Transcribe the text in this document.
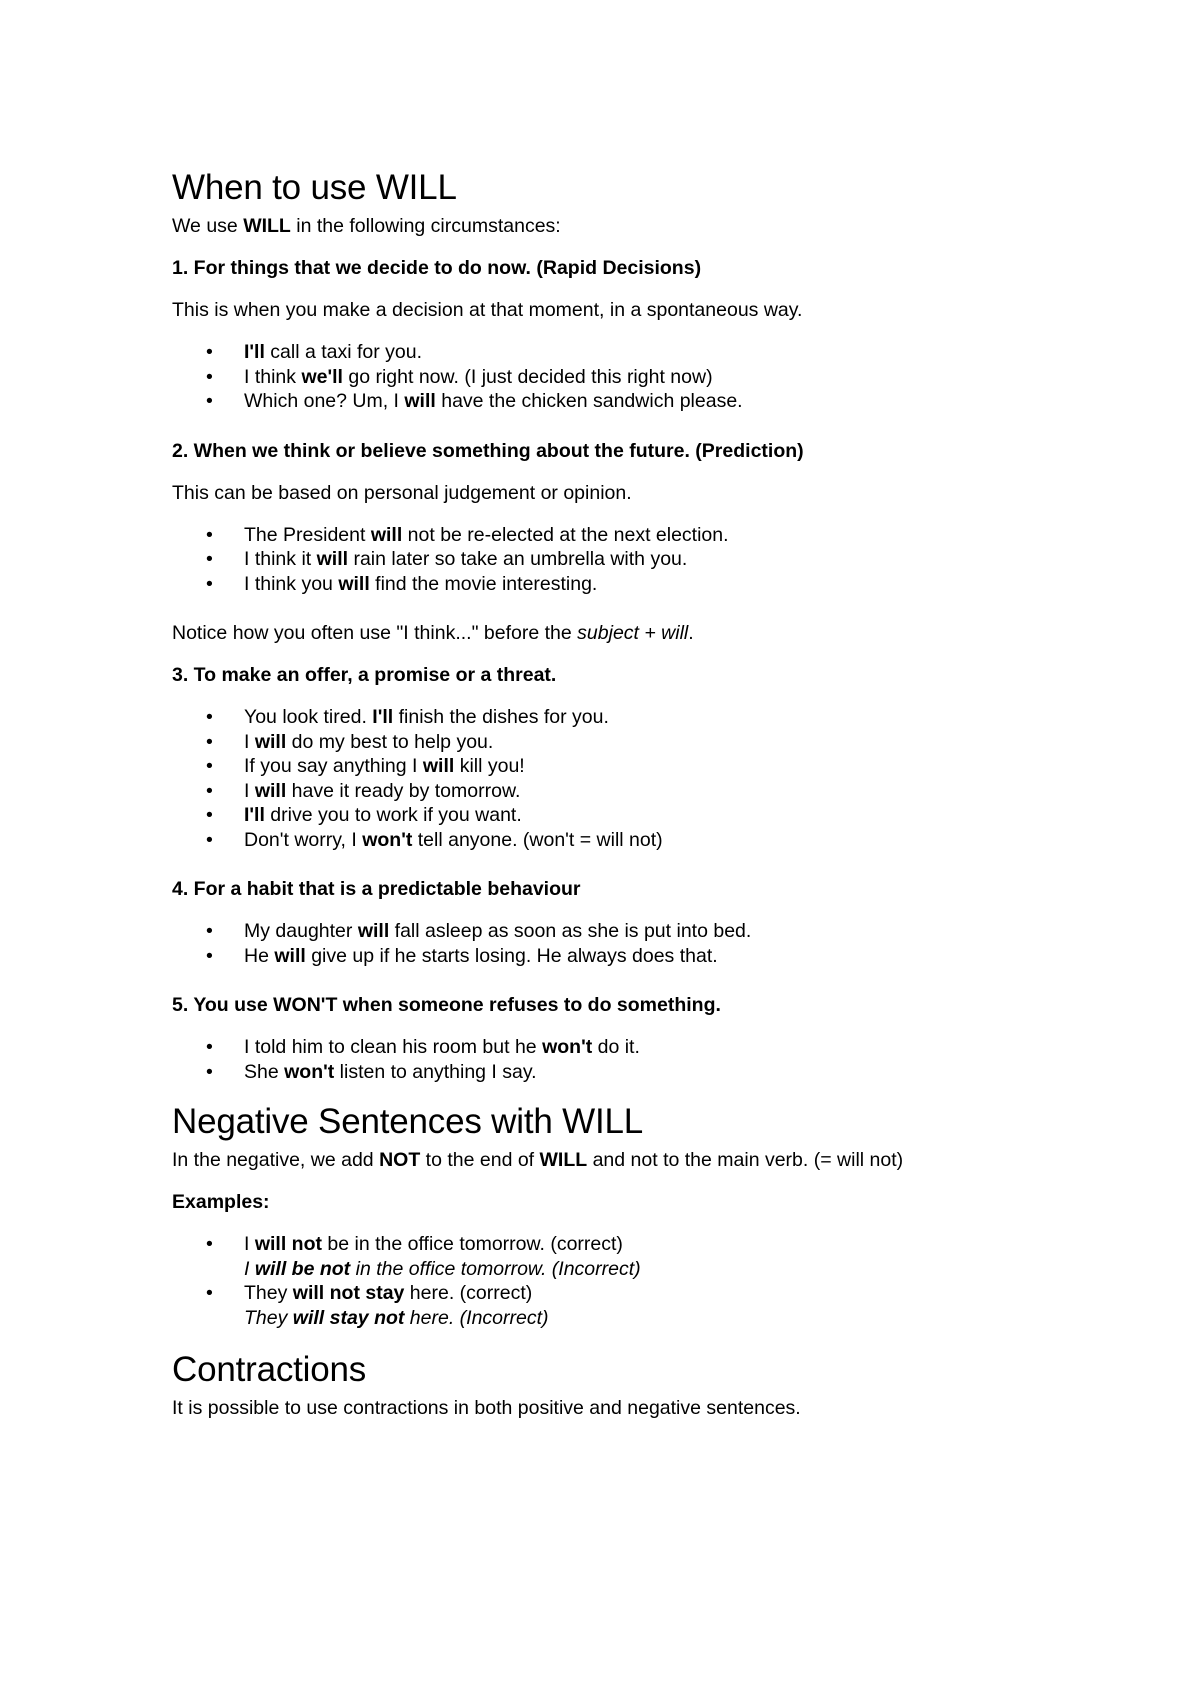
When to use WILL

We use WILL in the following circumstances:

1. For things that we decide to do now. (Rapid Decisions)

This is when you make a decision at that moment, in a spontaneous way.

• I'll call a taxi for you.
• I think we'll go right now. (I just decided this right now)
• Which one? Um, I will have the chicken sandwich please.

2. When we think or believe something about the future. (Prediction)

This can be based on personal judgement or opinion.

• The President will not be re-elected at the next election.
• I think it will rain later so take an umbrella with you.
• I think you will find the movie interesting.

Notice how you often use "I think..." before the subject + will.

3. To make an offer, a promise or a threat.

• You look tired. I'll finish the dishes for you.
• I will do my best to help you.
• If you say anything I will kill you!
• I will have it ready by tomorrow.
• I'll drive you to work if you want.
• Don't worry, I won't tell anyone. (won't = will not)

4. For a habit that is a predictable behaviour

• My daughter will fall asleep as soon as she is put into bed.
• He will give up if he starts losing. He always does that.

5. You use WON'T when someone refuses to do something.

• I told him to clean his room but he won't do it.
• She won't listen to anything I say.
Negative Sentences with WILL

In the negative, we add NOT to the end of WILL and not to the main verb. (= will not)

Examples:

• I will not be in the office tomorrow. (correct)
I will be not in the office tomorrow. (Incorrect)
• They will not stay here. (correct)
They will stay not here. (Incorrect)
Contractions

It is possible to use contractions in both positive and negative sentences.
